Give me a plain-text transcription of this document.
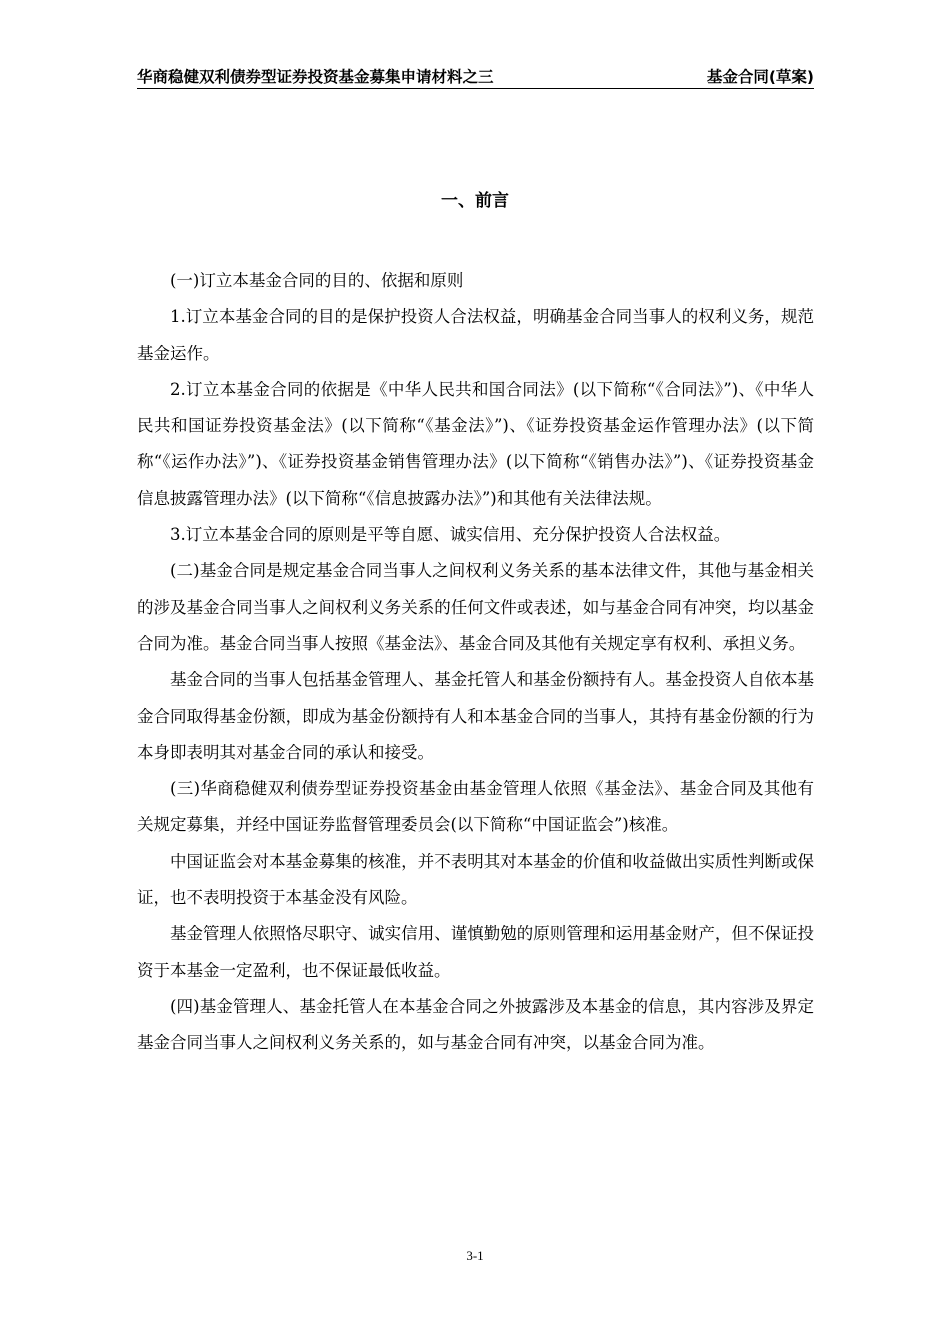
华商稳健双利债券型证券投资基金募集申请材料之三	基金合同(草案)
一、前言

(一)订立本基金合同的目的、依据和原则

1.订立本基金合同的目的是保护投资人合法权益，明确基金合同当事人的权利义务，规范基金运作。

2.订立本基金合同的依据是《中华人民共和国合同法》(以下简称“《合同法》”)、《中华人民共和国证券投资基金法》(以下简称“《基金法》”)、《证券投资基金运作管理办法》(以下简称“《运作办法》”)、《证券投资基金销售管理办法》(以下简称“《销售办法》”)、《证券投资基金信息披露管理办法》(以下简称“《信息披露办法》”)和其他有关法律法规。

3.订立本基金合同的原则是平等自愿、诚实信用、充分保护投资人合法权益。

(二)基金合同是规定基金合同当事人之间权利义务关系的基本法律文件，其他与基金相关的涉及基金合同当事人之间权利义务关系的任何文件或表述，如与基金合同有冲突，均以基金合同为准。基金合同当事人按照《基金法》、基金合同及其他有关规定享有权利、承担义务。

基金合同的当事人包括基金管理人、基金托管人和基金份额持有人。基金投资人自依本基金合同取得基金份额，即成为基金份额持有人和本基金合同的当事人，其持有基金份额的行为本身即表明其对基金合同的承认和接受。

(三)华商稳健双利债券型证券投资基金由基金管理人依照《基金法》、基金合同及其他有关规定募集，并经中国证券监督管理委员会(以下简称“中国证监会”)核准。

中国证监会对本基金募集的核准，并不表明其对本基金的价值和收益做出实质性判断或保证，也不表明投资于本基金没有风险。

基金管理人依照恪尽职守、诚实信用、谨慎勤勉的原则管理和运用基金财产，但不保证投资于本基金一定盈利，也不保证最低收益。

(四)基金管理人、基金托管人在本基金合同之外披露涉及本基金的信息，其内容涉及界定基金合同当事人之间权利义务关系的，如与基金合同有冲突，以基金合同为准。

3-1
